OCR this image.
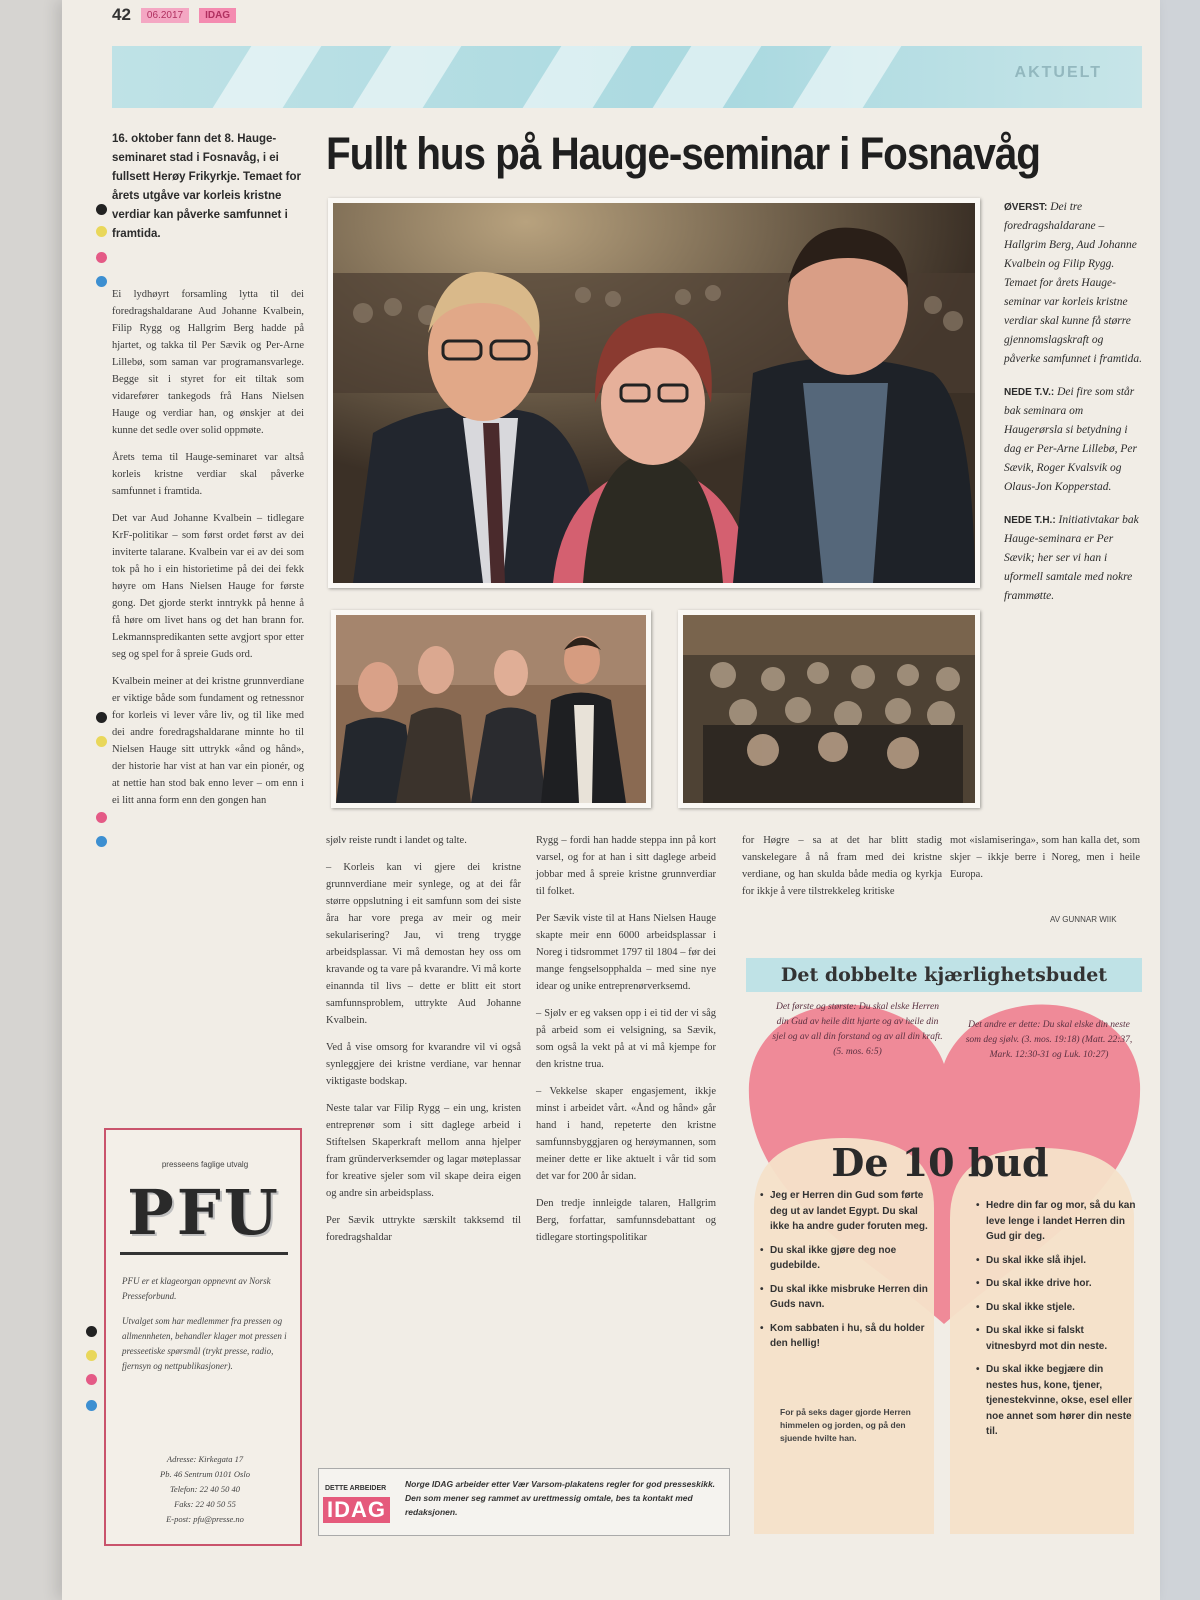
42	06.2017	IDAG
AKTUELT
Fullt hus på Hauge-seminar i Fosnavåg
16. oktober fann det 8. Hauge-seminaret stad i Fosnavåg, i ei fullsett Herøy Frikyrkje. Temaet for årets utgåve var korleis kristne verdiar kan påverke samfunnet i framtida.

ØVERST: Dei tre foredragshaldarane – Hallgrim Berg, Aud Johanne Kvalbein og Filip Rygg. Temaet for årets Hauge-seminar var korleis kristne verdiar skal kunne få større gjennomslagskraft og påverke samfunnet i framtida.

NEDE T.V.: Dei fire som står bak seminara om Haugerørsla si betydning i dag er Per-Arne Lillebø, Per Sævik, Roger Kvalsvik og Olaus-Jon Kopperstad.

NEDE T.H.: Initiativtakar bak Hauge-seminara er Per Sævik; her ser vi han i uformell samtale med nokre frammøtte.

Ei lydhøyrt forsamling lytta til dei foredragshaldarane Aud Johanne Kvalbein, Filip Rygg og Hallgrim Berg hadde på hjartet, og takka til Per Sævik og Per-Arne Lillebø, som saman var programansvarlege. Begge sit i styret for eit tiltak som vidarefører tankegods frå Hans Nielsen Hauge og verdiar han, og ønskjer at dei kunne det sedle over solid oppmøte.

Årets tema til Hauge-seminaret var altså korleis kristne verdiar skal påverke samfunnet i framtida.

Det var Aud Johanne Kvalbein – tidlegare KrF-politikar – som først ordet først av dei inviterte talarane. Kvalbein var ei av dei som tok på ho i ein historietime på dei dei fekk høyre om Hans Nielsen Hauge for første gong. Det gjorde sterkt inntrykk på henne å få høre om livet hans og det han brann for. Lekmannspredikanten sette avgjort spor etter seg og spel for å spreie Guds ord.

Kvalbein meiner at dei kristne grunnverdiane er viktige både som fundament og retnessnor for korleis vi lever våre liv, og til like med dei andre foredragshaldarane minnte ho til Nielsen Hauge sitt uttrykk «ånd og hånd», der historie har vist at han var ein pionér, og at nettie han stod bak enno lever – om enn i ei litt anna form enn den gongen han

sjølv reiste rundt i landet og talte.

– Korleis kan vi gjere dei kristne grunnverdiane meir synlege, og at dei får større oppslutning i eit samfunn som dei siste åra har vore prega av meir og meir sekularisering? Jau, vi treng trygge arbeidsplassar. Vi må demostan hey oss om kravande og ta vare på kvarandre. Vi må korte einannda til livs – dette er blitt eit stort samfunnsproblem, uttrykte Aud Johanne Kvalbein.

Ved å vise omsorg for kvarandre vil vi også synleggjere dei kristne verdiane, var hennar viktigaste bodskap.

Neste talar var Filip Rygg – ein ung, kristen entreprenør som i sitt daglege arbeid i Stiftelsen Skaperkraft mellom anna hjelper fram gründerverksemder og lagar møteplassar for kreative sjeler som vil skape deira eigen og andre sin arbeidsplass.

Per Sævik uttrykte særskilt takksemd til foredragshaldar

Rygg – fordi han hadde steppa inn på kort varsel, og for at han i sitt daglege arbeid jobbar med å spreie kristne grunnverdiar til folket.

Per Sævik viste til at Hans Nielsen Hauge skapte meir enn 6000 arbeidsplassar i Noreg i tidsrommet 1797 til 1804 – før dei mange fengselsopphalda – med sine nye idear og unike entreprenørverksemd.

– Sjølv er eg vaksen opp i ei tid der vi såg på arbeid som ei velsigning, sa Sævik, som også la vekt på at vi må kjempe for den kristne trua.

– Vekkelse skaper engasjement, ikkje minst i arbeidet vårt. «Ånd og hånd» går hand i hand, repeterte den kristne samfunnsbyggjaren og herøymannen, som meiner dette er like aktuelt i vår tid som det var for 200 år sidan.

Den tredje innleigde talaren, Hallgrim Berg, forfattar, samfunnsdebattant og tidlegare stortingspolitikar

for Høgre – sa at det har blitt stadig vanskelegare å nå fram med dei kristne verdiane, og han skulda både media og kyrkja for ikkje å vere tilstrekkeleg kritiske

mot «islamiseringa», som han kalla det, som skjer – ikkje berre i Noreg, men i heile Europa.

AV GUNNAR WIIK
presseens faglige utvalg
PFU

PFU er et klageorgan oppnevnt av Norsk Presseforbund.

Utvalget som har medlemmer fra pressen og allmennheten, behandler klager mot pressen i presseetiske spørsmål (trykt presse, radio, fjernsyn og nettpublikasjoner).

Adresse: Kirkegata 17
Pb. 46 Sentrum 0101 Oslo
Telefon: 22 40 50 40
Faks: 22 40 50 55
E-post: pfu@presse.no
DETTE ARBEIDER
IDAG
Norge IDAG arbeider etter Vær Varsom-plakatens regler for god presseskikk. Den som mener seg rammet av urettmessig omtale, bes ta kontakt med redaksjonen.
Det dobbelte kjærlighetsbudet
Det første og største: Du skal elske Herren din Gud av heile ditt hjarte og av heile din sjel og av all din forstand og av all din kraft. (5. mos. 6:5)
Det andre er dette: Du skal elske din neste som deg sjølv. (3. mos. 19:18) (Matt. 22:37, Mark. 12:30-31 og Luk. 10:27)
De 10 bud
• Jeg er Herren din Gud som førte deg ut av landet Egypt. Du skal ikke ha andre guder foruten meg.
• Du skal ikke gjøre deg noe gudebilde.
• Du skal ikke misbruke Herren din Guds navn.
• Kom sabbaten i hu, så du holder den hellig!
For på seks dager gjorde Herren himmelen og jorden, og på den sjuende hvilte han.
• Hedre din far og mor, så du kan leve lenge i landet Herren din Gud gir deg.
• Du skal ikke slå ihjel.
• Du skal ikke drive hor.
• Du skal ikke stjele.
• Du skal ikke si falskt vitnesbyrd mot din neste.
• Du skal ikke begjære din nestes hus, kone, tjener, tjenestekvinne, okse, esel eller noe annet som hører din neste til.
